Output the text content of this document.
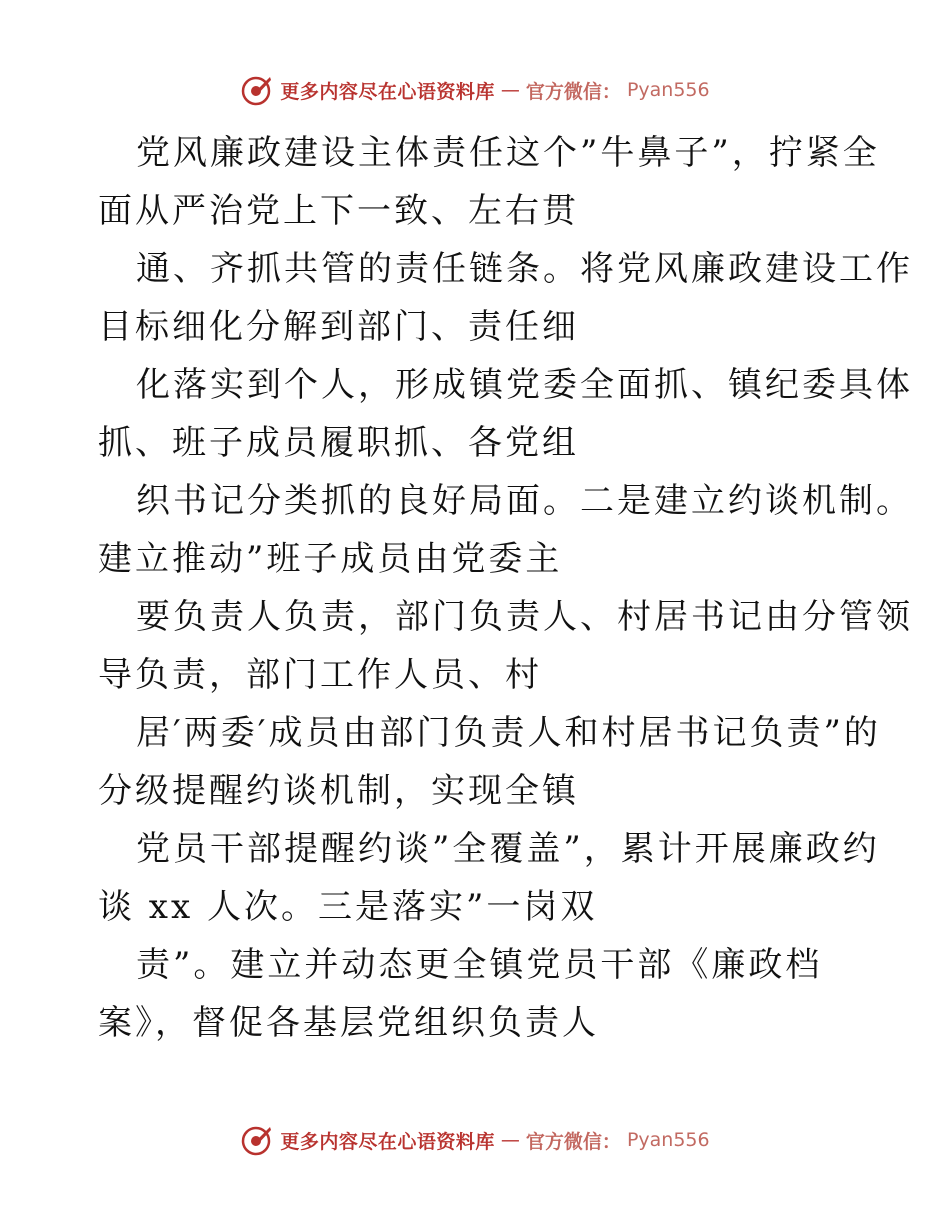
更多内容尽在心语资料库 — 官方微信： Pyan556
党风廉政建设主体责任这个”牛鼻子”，拧紧全
面从严治党上下一致、左右贯
通、齐抓共管的责任链条。将党风廉政建设工作
目标细化分解到部门、责任细
化落实到个人，形成镇党委全面抓、镇纪委具体
抓、班子成员履职抓、各党组
织书记分类抓的良好局面。二是建立约谈机制。
建立推动”班子成员由党委主
要负责人负责，部门负责人、村居书记由分管领
导负责，部门工作人员、村
居′两委′成员由部门负责人和村居书记负责”的
分级提醒约谈机制，实现全镇
党员干部提醒约谈”全覆盖”，累计开展廉政约
谈 xx 人次。三是落实”一岗双
责”。建立并动态更全镇党员干部《廉政档
案》，督促各基层党组织负责人
更多内容尽在心语资料库 — 官方微信： Pyan556
